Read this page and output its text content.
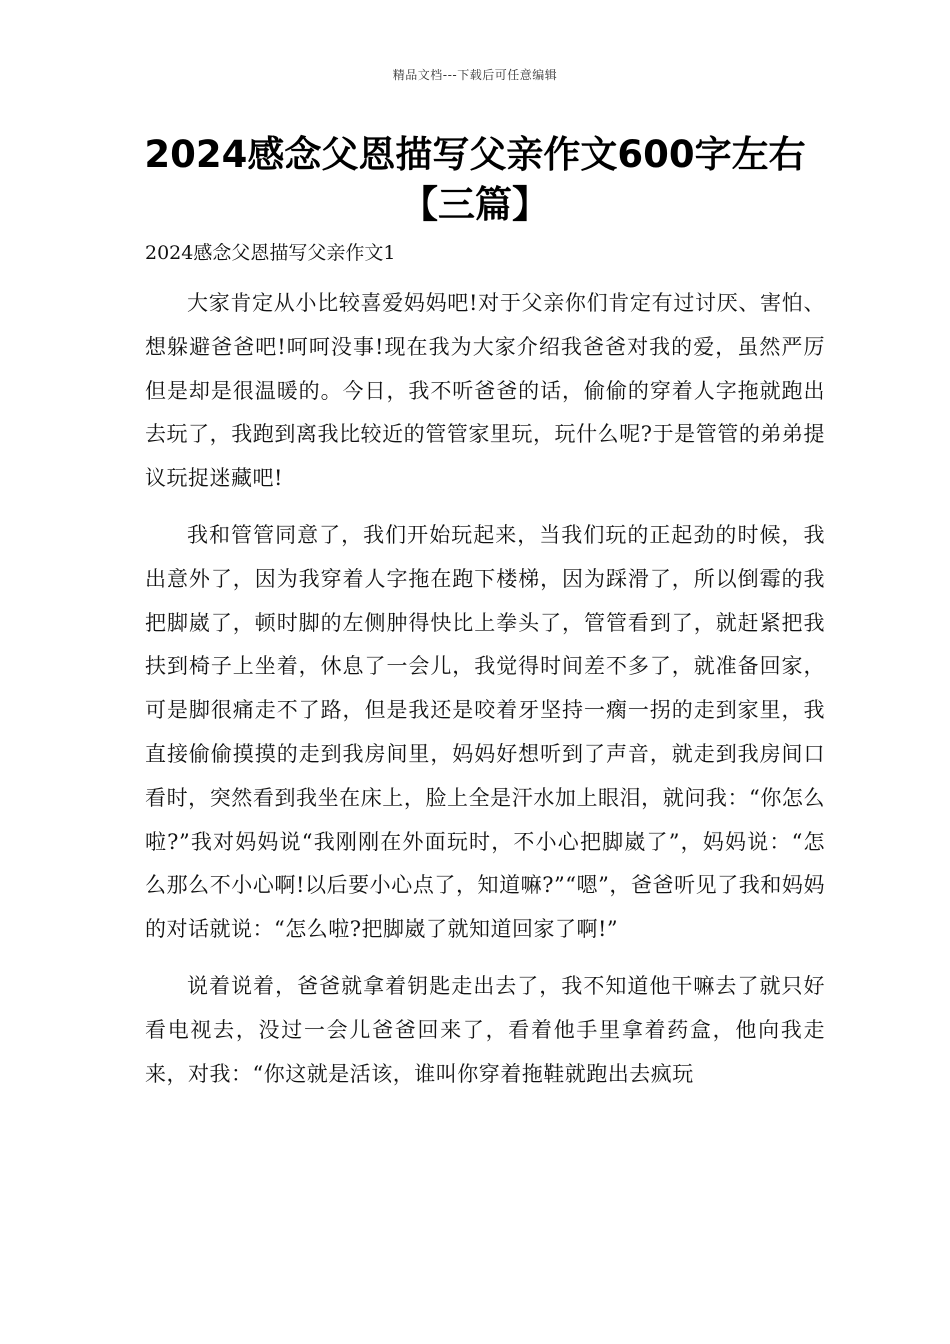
精品文档---下载后可任意编辑
2024感念父恩描写父亲作文600字左右【三篇】
2024感念父恩描写父亲作文1

大家肯定从小比较喜爱妈妈吧!对于父亲你们肯定有过讨厌、害怕、想躲避爸爸吧!呵呵没事!现在我为大家介绍我爸爸对我的爱，虽然严厉但是却是很温暖的。今日，我不听爸爸的话，偷偷的穿着人字拖就跑出去玩了，我跑到离我比较近的管管家里玩，玩什么呢?于是管管的弟弟提议玩捉迷藏吧!

我和管管同意了，我们开始玩起来，当我们玩的正起劲的时候，我出意外了，因为我穿着人字拖在跑下楼梯，因为踩滑了，所以倒霉的我把脚崴了，顿时脚的左侧肿得快比上拳头了，管管看到了，就赶紧把我扶到椅子上坐着，休息了一会儿，我觉得时间差不多了，就准备回家，可是脚很痛走不了路，但是我还是咬着牙坚持一瘸一拐的走到家里，我直接偷偷摸摸的走到我房间里，妈妈好想听到了声音，就走到我房间口看时，突然看到我坐在床上，脸上全是汗水加上眼泪，就问我：“你怎么啦?”我对妈妈说“我刚刚在外面玩时，不小心把脚崴了”，妈妈说：“怎么那么不小心啊!以后要小心点了，知道嘛?”“嗯”，爸爸听见了我和妈妈的对话就说：“怎么啦?把脚崴了就知道回家了啊!”

说着说着，爸爸就拿着钥匙走出去了，我不知道他干嘛去了就只好看电视去，没过一会儿爸爸回来了，看着他手里拿着药盒，他向我走来，对我：“你这就是活该，谁叫你穿着拖鞋就跑出去疯玩
